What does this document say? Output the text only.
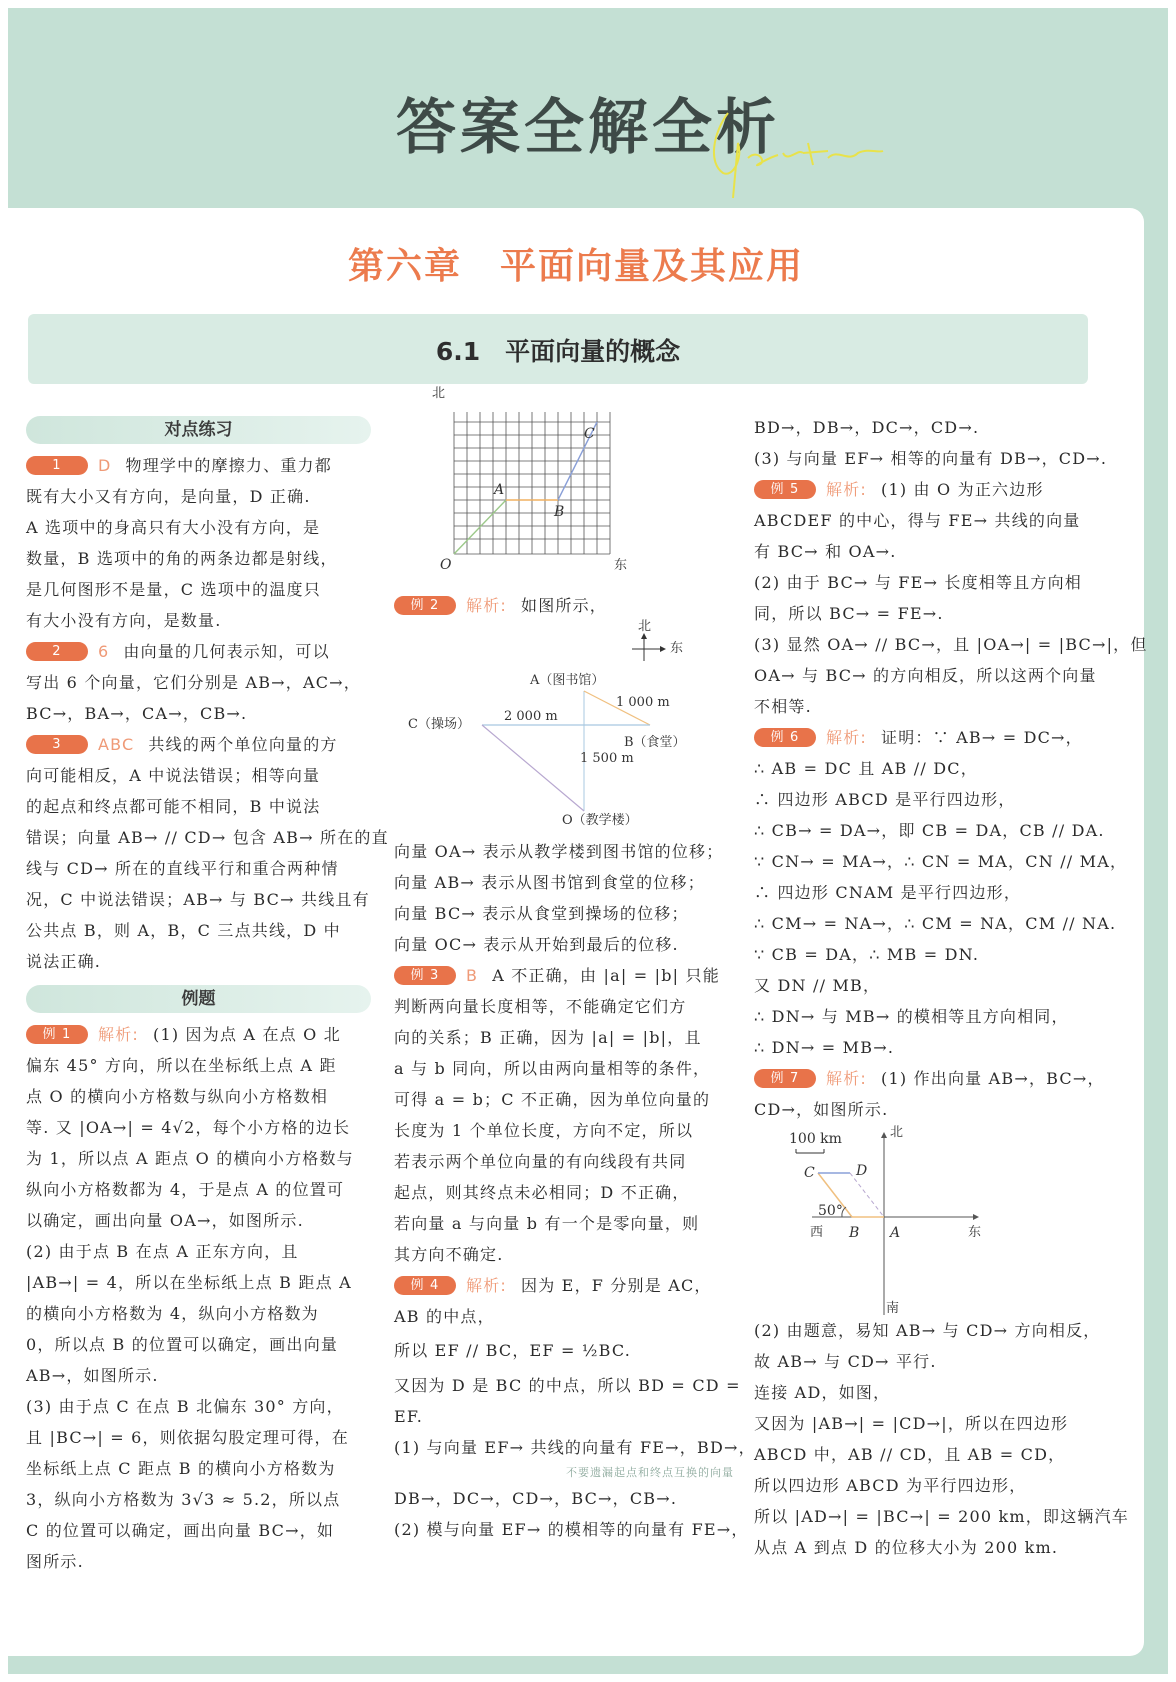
答案全解全析
第六章　平面向量及其应用
6.1　平面向量的概念
对点练习
1 D 物理学中的摩擦力、重力都
既有大小又有方向，是向量，D 正确.
A 选项中的身高只有大小没有方向，是
数量，B 选项中的角的两条边都是射线，
是几何图形不是量，C 选项中的温度只
有大小没有方向，是数量.
2 6 由向量的几何表示知，可以
写出 6 个向量，它们分别是 AB→，AC→，
BC→，BA→，CA→，CB→.
3 ABC 共线的两个单位向量的方
向可能相反，A 中说法错误；相等向量
的起点和终点都可能不相同，B 中说法
错误；向量 AB→ // CD→ 包含 AB→ 所在的直
线与 CD→ 所在的直线平行和重合两种情
况，C 中说法错误；AB→ 与 BC→ 共线且有
公共点 B，则 A，B，C 三点共线，D 中
说法正确.
例题
例 1 解析: (1) 因为点 A 在点 O 北
偏东 45° 方向，所以在坐标纸上点 A 距
点 O 的横向小方格数与纵向小方格数相
等. 又 |OA→| = 4√2，每个小方格的边长
为 1，所以点 A 距点 O 的横向小方格数与
纵向小方格数都为 4，于是点 A 的位置可
以确定，画出向量 OA→，如图所示.
(2) 由于点 B 在点 A 正东方向，且
|AB→| = 4，所以在坐标纸上点 B 距点 A
的横向小方格数为 4，纵向小方格数为
0，所以点 B 的位置可以确定，画出向量
AB→，如图所示.
(3) 由于点 C 在点 B 北偏东 30° 方向，
且 |BC→| = 6，则依据勾股定理可得，在
坐标纸上点 C 距点 B 的横向小方格数为
3，纵向小方格数为 3√3 ≈ 5.2，所以点
C 的位置可以确定，画出向量 BC→，如
图所示.
北
东
O
A
B
C
例 2 解析: 如图所示，
北
东
A（图书馆）
B（食堂）
C（操场）
O（教学楼）
1 000 m
2 000 m
1 500 m
向量 OA→ 表示从教学楼到图书馆的位移；
向量 AB→ 表示从图书馆到食堂的位移；
向量 BC→ 表示从食堂到操场的位移；
向量 OC→ 表示从开始到最后的位移.
例 3 B A 不正确，由 |a| = |b| 只能
判断两向量长度相等，不能确定它们方
向的关系；B 正确，因为 |a| = |b|，且
a 与 b 同向，所以由两向量相等的条件，
可得 a = b；C 不正确，因为单位向量的
长度为 1 个单位长度，方向不定，所以
若表示两个单位向量的有向线段有共同
起点，则其终点未必相同；D 不正确，
若向量 a 与向量 b 有一个是零向量，则
其方向不确定.
例 4 解析: 因为 E，F 分别是 AC，
AB 的中点，
所以 EF // BC，EF = ½BC.
又因为 D 是 BC 的中点，所以 BD = CD =
EF.
(1) 与向量 EF→ 共线的向量有 FE→，BD→，
不要遗漏起点和终点互换的向量
DB→，DC→，CD→，BC→，CB→.
(2) 模与向量 EF→ 的模相等的向量有 FE→，
BD→，DB→，DC→，CD→.
(3) 与向量 EF→ 相等的向量有 DB→，CD→.
例 5 解析: (1) 由 O 为正六边形
ABCDEF 的中心，得与 FE→ 共线的向量
有 BC→ 和 OA→.
(2) 由于 BC→ 与 FE→ 长度相等且方向相
同，所以 BC→ = FE→.
(3) 显然 OA→ // BC→，且 |OA→| = |BC→|，但
OA→ 与 BC→ 的方向相反，所以这两个向量
不相等.
例 6 解析: 证明：∵ AB→ = DC→，
∴ AB = DC 且 AB // DC，
∴ 四边形 ABCD 是平行四边形，
∴ CB→ = DA→，即 CB = DA，CB // DA.
∵ CN→ = MA→，∴ CN = MA，CN // MA，
∴ 四边形 CNAM 是平行四边形，
∴ CM→ = NA→，∴ CM = NA，CM // NA.
∵ CB = DA，∴ MB = DN.
又 DN // MB，
∴ DN→ 与 MB→ 的模相等且方向相同，
∴ DN→ = MB→.
例 7 解析: (1) 作出向量 AB→，BC→，
CD→，如图所示.
100 km	北
南
东
西	A
B
C	D
50°
(2) 由题意，易知 AB→ 与 CD→ 方向相反，
故 AB→ 与 CD→ 平行.
连接 AD，如图，
又因为 |AB→| = |CD→|，所以在四边形
ABCD 中，AB // CD，且 AB = CD，
所以四边形 ABCD 为平行四边形，
所以 |AD→| = |BC→| = 200 km，即这辆汽车
从点 A 到点 D 的位移大小为 200 km.
